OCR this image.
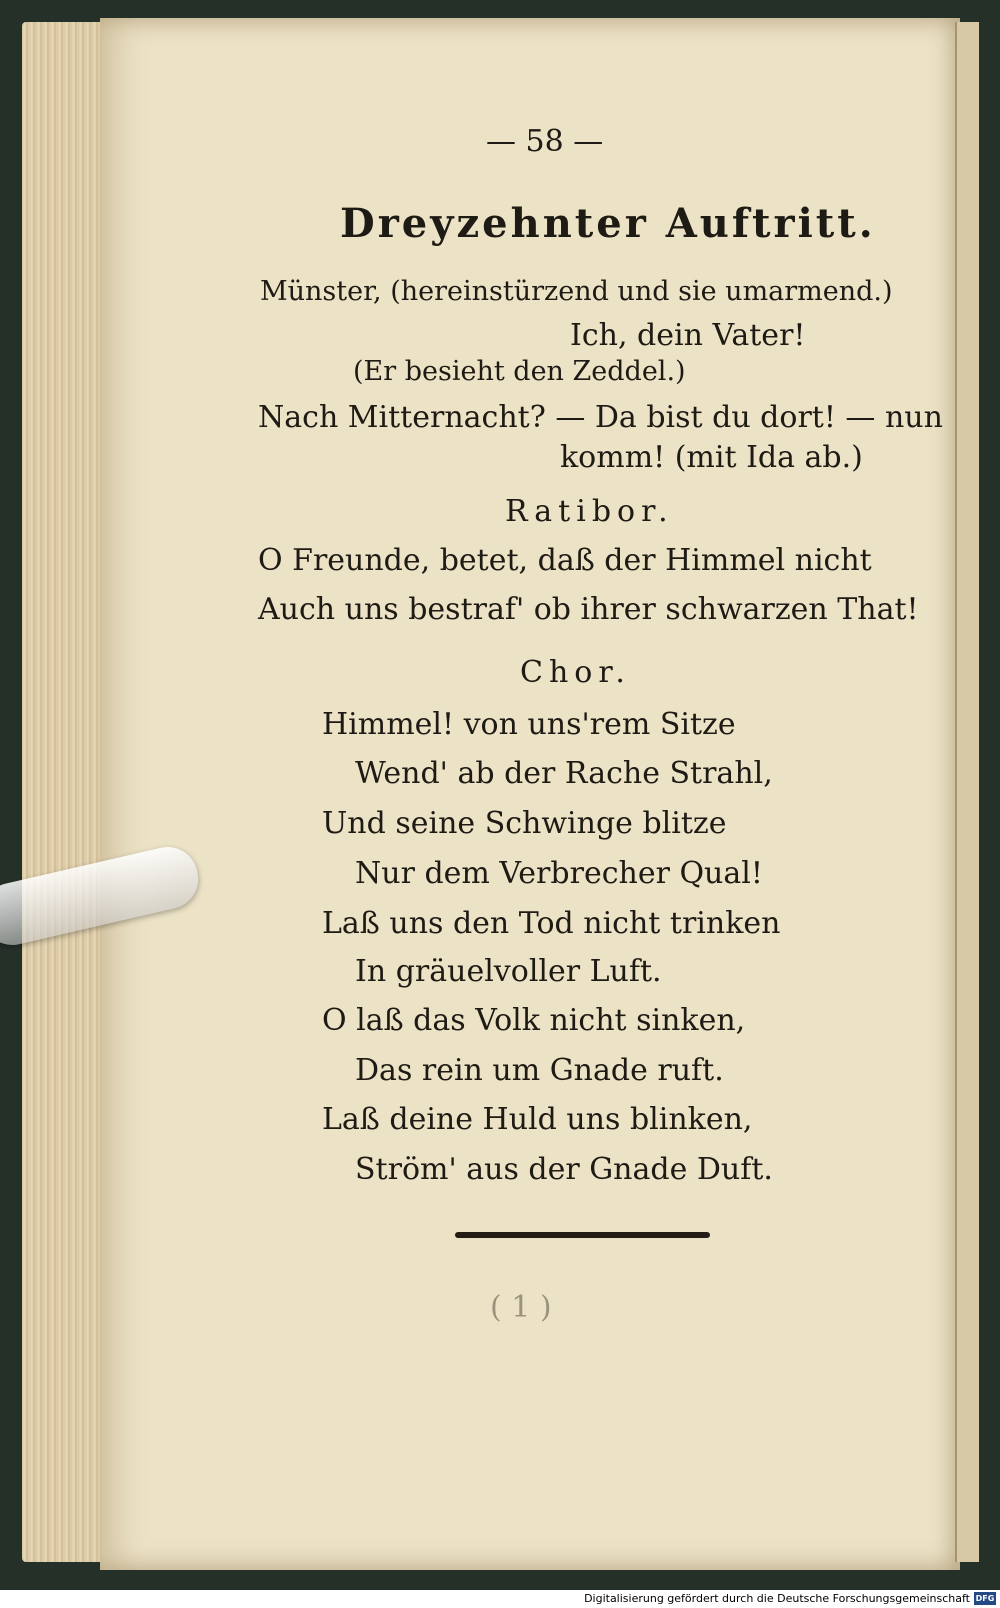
— 58 —
Dreyzehnter Auftritt.
Münster, (hereinstürzend und sie umarmend.)
Ich, dein Vater!
(Er besieht den Zeddel.)
Nach Mitternacht? — Da bist du dort! — nun
komm! (mit Ida ab.)
Ratibor.
O Freunde, betet, daß der Himmel nicht
Auch uns bestraf' ob ihrer schwarzen That!
Chor.
Himmel! von uns'rem Sitze
Wend' ab der Rache Strahl,
Und seine Schwinge blitze
Nur dem Verbrecher Qual!
Laß uns den Tod nicht trinken
In gräuelvoller Luft.
O laß das Volk nicht sinken,
Das rein um Gnade ruft.
Laß deine Huld uns blinken,
Ström' aus der Gnade Duft.
( 1 )
Digitalisierung gefördert durch die Deutsche Forschungsgemeinschaft DFG
